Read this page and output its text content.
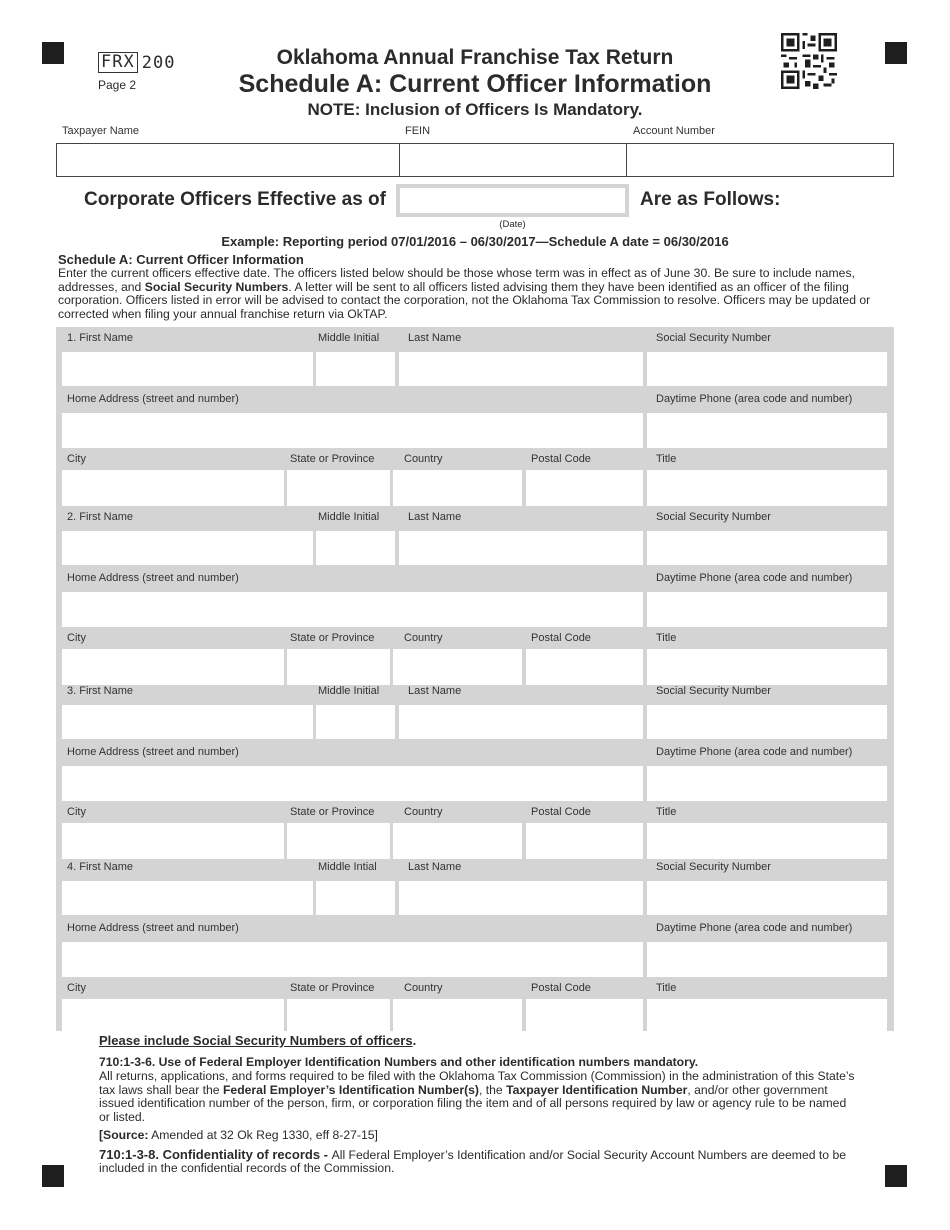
FRX 200
Page 2
Oklahoma Annual Franchise Tax Return
Schedule A: Current Officer Information
NOTE: Inclusion of Officers Is Mandatory.
Taxpayer Name	FEIN	Account Number
Corporate Officers Effective as of	Are as Follows:
(Date)
Example: Reporting period 07/01/2016 – 06/30/2017—Schedule A date = 06/30/2016
Schedule A: Current Officer Information

Enter the current officers effective date. The officers listed below should be those whose term was in effect as of June 30. Be sure to include names, addresses, and Social Security Numbers. A letter will be sent to all officers listed advising them they have been identified as an officer of the filing corporation. Officers listed in error will be advised to contact the corporation, not the Oklahoma Tax Commission to resolve. Officers may be updated or corrected when filing your annual franchise return via OkTAP.

1. First Name	Middle Initial	Last Name	Social Security Number
Home Address (street and number)	Daytime Phone (area code and number)
City	State or Province	Country	Postal Code	Title
2. First Name	Middle Initial	Last Name	Social Security Number
Home Address (street and number)	Daytime Phone (area code and number)
City	State or Province	Country	Postal Code	Title
3. First Name	Middle Initial	Last Name	Social Security Number
Home Address (street and number)	Daytime Phone (area code and number)
City	State or Province	Country	Postal Code	Title
4. First Name	Middle Intial	Last Name	Social Security Number
Home Address (street and number)	Daytime Phone (area code and number)
City	State or Province	Country	Postal Code	Title
Please include Social Security Numbers of officers.
710:1-3-6. Use of Federal Employer Identification Numbers and other identification numbers mandatory.

All returns, applications, and forms required to be filed with the Oklahoma Tax Commission (Commission) in the administration of this State’s tax laws shall bear the Federal Employer’s Identification Number(s), the Taxpayer Identification Number, and/or other government issued identification number of the person, firm, or corporation filing the item and of all persons required by law or agency rule to be named or listed.

[Source: Amended at 32 Ok Reg 1330, eff 8-27-15]

710:1-3-8. Confidentiality of records - All Federal Employer’s Identification and/or Social Security Account Numbers are deemed to be included in the confidential records of the Commission.
